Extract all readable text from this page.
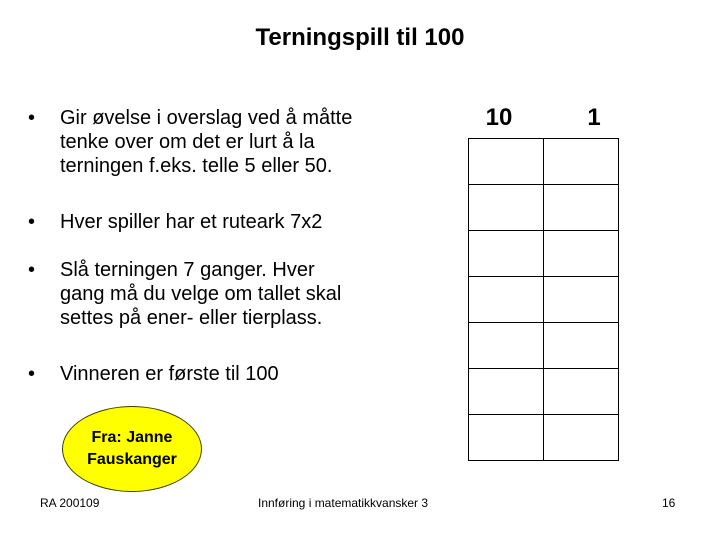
Terningspill til 100
• Gir øvelse i overslag ved å måtte
tenke over om det er lurt å la
terningen f.eks. telle 5 eller 50.
• Hver spiller har et ruteark 7x2
• Slå terningen 7 ganger. Hver
gang må du velge om tallet skal
settes på ener- eller tierplass.
• Vinneren er første til 100
10	1

Fra: Janne
Fauskanger
RA 200109	Innføring i matematikkvansker 3	16
